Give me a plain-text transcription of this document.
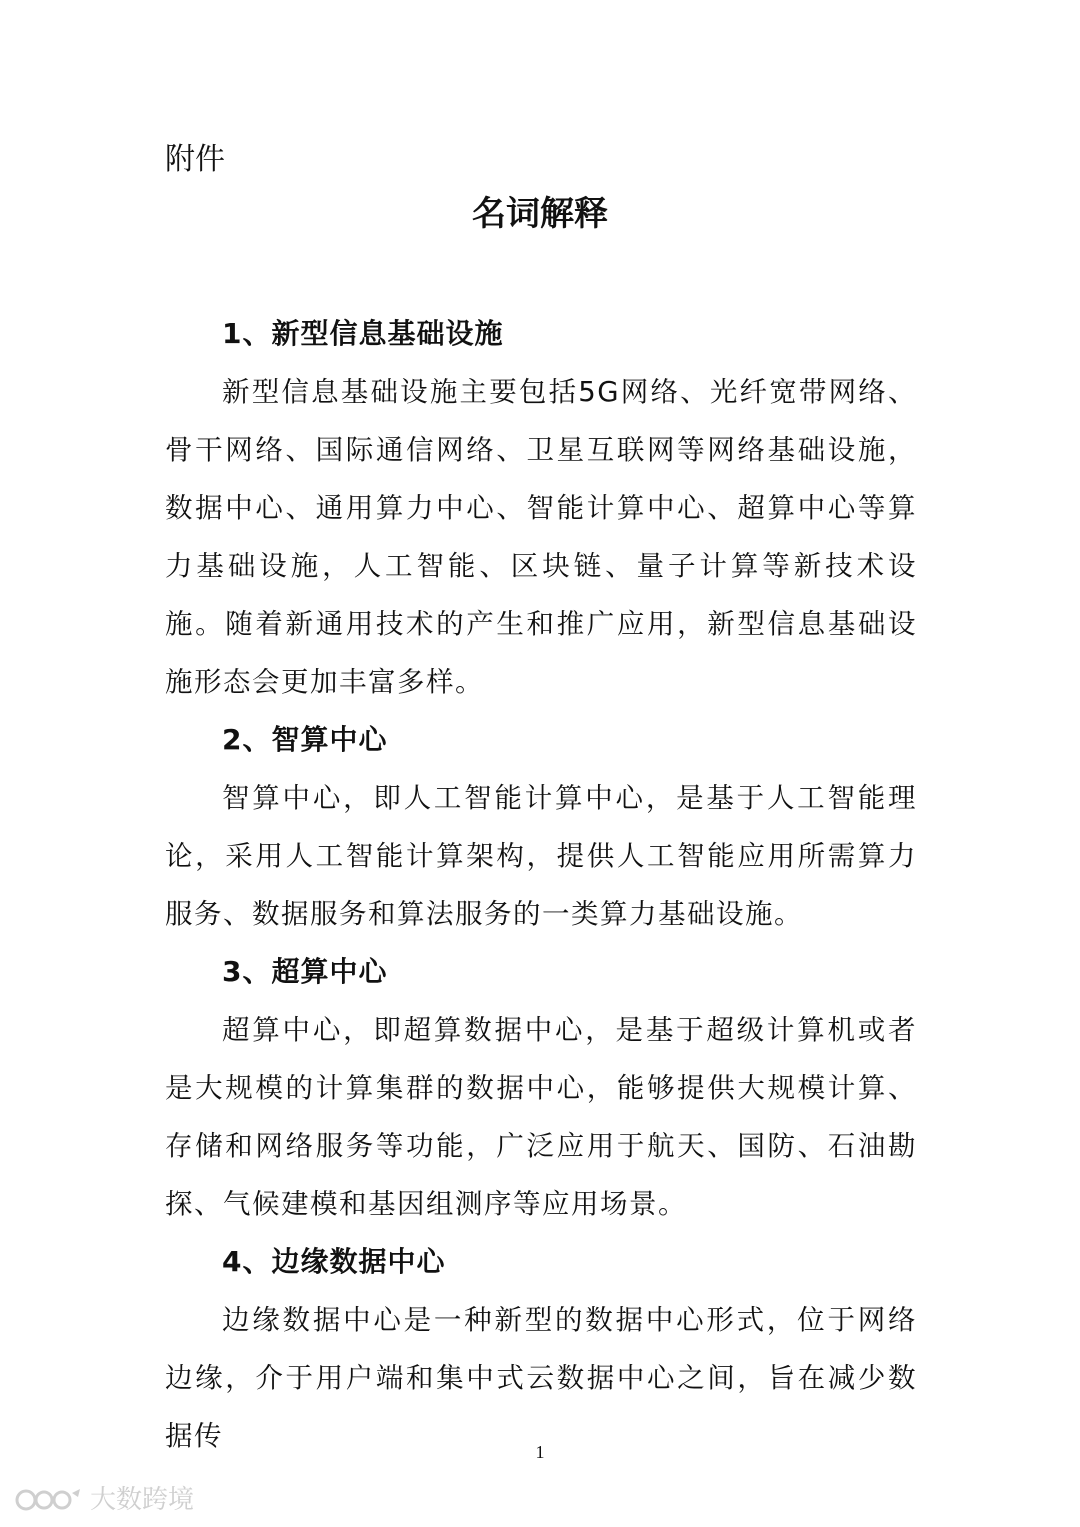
附件
名词解释

1、新型信息基础设施

新型信息基础设施主要包括5G网络、光纤宽带网络、骨干网络、国际通信网络、卫星互联网等网络基础设施，数据中心、通用算力中心、智能计算中心、超算中心等算力基础设施，人工智能、区块链、量子计算等新技术设施。随着新通用技术的产生和推广应用，新型信息基础设施形态会更加丰富多样。

2、智算中心

智算中心，即人工智能计算中心，是基于人工智能理论，采用人工智能计算架构，提供人工智能应用所需算力服务、数据服务和算法服务的一类算力基础设施。

3、超算中心

超算中心，即超算数据中心，是基于超级计算机或者是大规模的计算集群的数据中心，能够提供大规模计算、存储和网络服务等功能，广泛应用于航天、国防、石油勘探、气候建模和基因组测序等应用场景。

4、边缘数据中心

边缘数据中心是一种新型的数据中心形式，位于网络边缘，介于用户端和集中式云数据中心之间，旨在减少数据传	1
大数跨境
